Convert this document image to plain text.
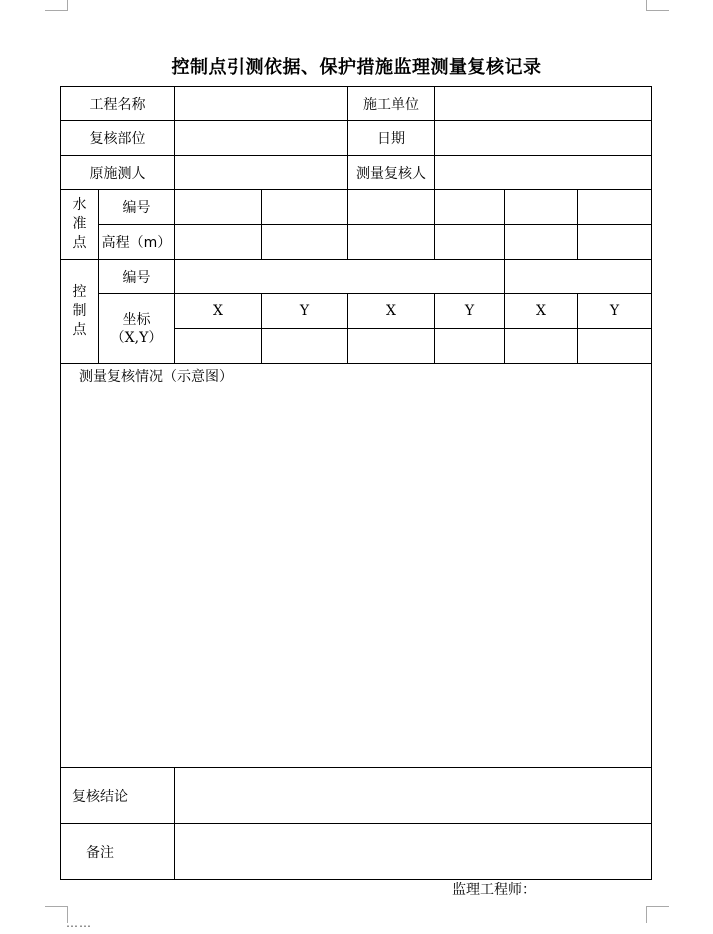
……
控制点引测依据、保护措施监理测量复核记录
工程名称				施工单位			
复核部位				日期			
原施测人				测量复核人			

水
准
点	编号						
	高程（m）						

控
制
点	编号						

	坐标
（X,Y）	X	Y	X	Y	X	Y

测量复核情况（示意图）							
复核结论							
备注							
监理工程师：
